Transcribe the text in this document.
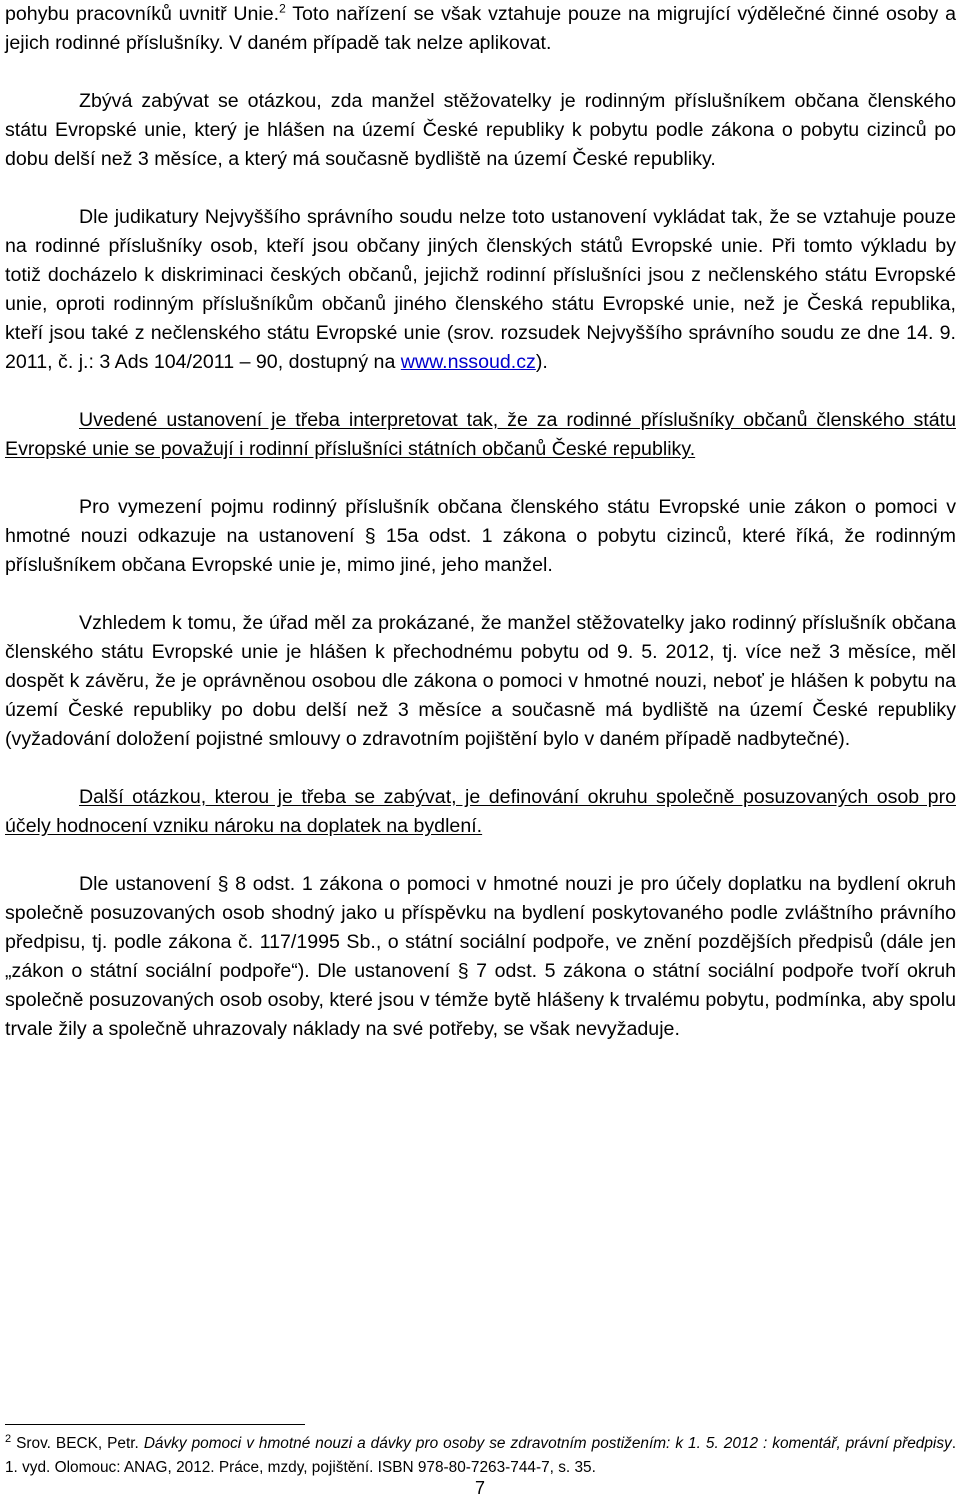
pohybu pracovníků uvnitř Unie.$^2$ Toto nařízení se však vztahuje pouze na migrující výdělečné činné osoby a jejich rodinné příslušníky. V daném případě tak nelze aplikovat.

Zbývá zabývat se otázkou, zda manžel stěžovatelky je rodinným příslušníkem občana členského státu Evropské unie, který je hlášen na území České republiky k pobytu podle zákona o pobytu cizinců po dobu delší než 3 měsíce, a který má současně bydliště na území České republiky.

Dle judikatury Nejvyššího správního soudu nelze toto ustanovení vykládat tak, že se vztahuje pouze na rodinné příslušníky osob, kteří jsou občany jiných členských států Evropské unie. Při tomto výkladu by totiž docházelo k diskriminaci českých občanů, jejichž rodinní příslušníci jsou z nečlenského státu Evropské unie, oproti rodinným příslušníkům občanů jiného členského státu Evropské unie, než je Česká republika, kteří jsou také z nečlenského státu Evropské unie (srov. rozsudek Nejvyššího správního soudu ze dne 14. 9. 2011, č. j.: 3 Ads 104/2011 – 90, dostupný na www.nssoud.cz).

Uvedené ustanovení je třeba interpretovat tak, že za rodinné příslušníky občanů členského státu Evropské unie se považují i rodinní příslušníci státních občanů České republiky.

Pro vymezení pojmu rodinný příslušník občana členského státu Evropské unie zákon o pomoci v hmotné nouzi odkazuje na ustanovení § 15a odst. 1 zákona o pobytu cizinců, které říká, že rodinným příslušníkem občana Evropské unie je, mimo jiné, jeho manžel.

Vzhledem k tomu, že úřad měl za prokázané, že manžel stěžovatelky jako rodinný příslušník občana členského státu Evropské unie je hlášen k přechodnému pobytu od 9. 5. 2012, tj. více než 3 měsíce, měl dospět k závěru, že je oprávněnou osobou dle zákona o pomoci v hmotné nouzi, neboť je hlášen k pobytu na území České republiky po dobu delší než 3 měsíce a současně má bydliště na území České republiky (vyžadování doložení pojistné smlouvy o zdravotním pojištění bylo v daném případě nadbytečné).

Další otázkou, kterou je třeba se zabývat, je definování okruhu společně posuzovaných osob pro účely hodnocení vzniku nároku na doplatek na bydlení.

Dle ustanovení § 8 odst. 1 zákona o pomoci v hmotné nouzi je pro účely doplatku na bydlení okruh společně posuzovaných osob shodný jako u příspěvku na bydlení poskytovaného podle zvláštního právního předpisu, tj. podle zákona č. 117/1995 Sb., o státní sociální podpoře, ve znění pozdějších předpisů (dále jen „zákon o státní sociální podpoře“). Dle ustanovení § 7 odst. 5 zákona o státní sociální podpoře tvoří okruh společně posuzovaných osob osoby, které jsou v témže bytě hlášeny k trvalému pobytu, podmínka, aby spolu trvale žily a společně uhrazovaly náklady na své potřeby, se však nevyžaduje.

$^2$ Srov. BECK, Petr. Dávky pomoci v hmotné nouzi a dávky pro osoby se zdravotním postižením: k 1. 5. 2012 : komentář, právní předpisy. 1. vyd. Olomouc: ANAG, 2012. Práce, mzdy, pojištění. ISBN 978-80-7263-744-7, s. 35.
7
